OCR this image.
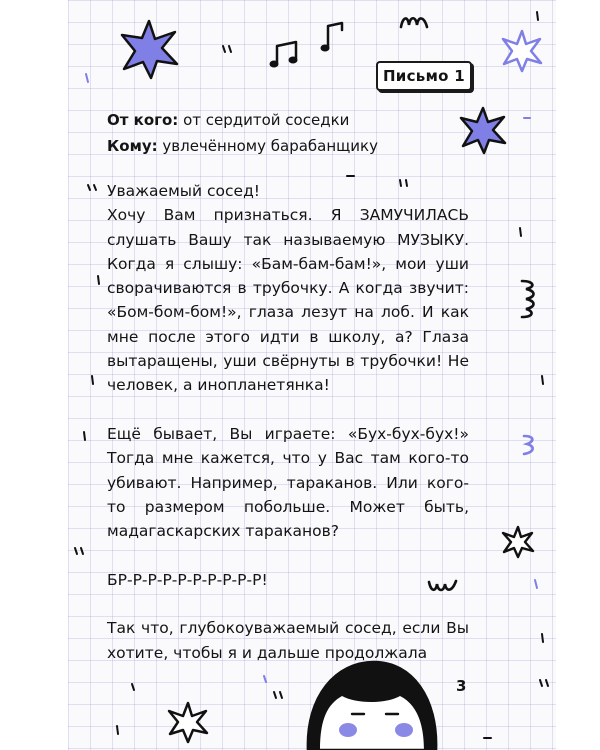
Письмо 1
От кого: от сердитой соседки
Кому: увлечённому барабанщику

Уважаемый сосед!

Хочу Вам признаться. Я ЗАМУЧИЛАСЬ слушать Вашу так называемую МУЗЫКУ. Когда я слышу: «Бам-бам-бам!», мои уши сворачиваются в трубочку. А когда звучит: «Бом-бом-бом!», глаза лезут на лоб. И как мне после этого идти в школу, а? Глаза вытаращены, уши свёрнуты в трубочки! Не человек, а инопланетянка!

Ещё бывает, Вы играете: «Бух-бух-бух!» Тогда мне кажется, что у Вас там кого-то убивают. Например, тараканов. Или кого-то размером побольше. Может быть, мадагаскарских тараканов?

БР-Р-Р-Р-Р-Р-Р-Р-Р-Р!

Так что, глубокоуважаемый сосед, если Вы хотите, чтобы я и дальше продолжала

3
